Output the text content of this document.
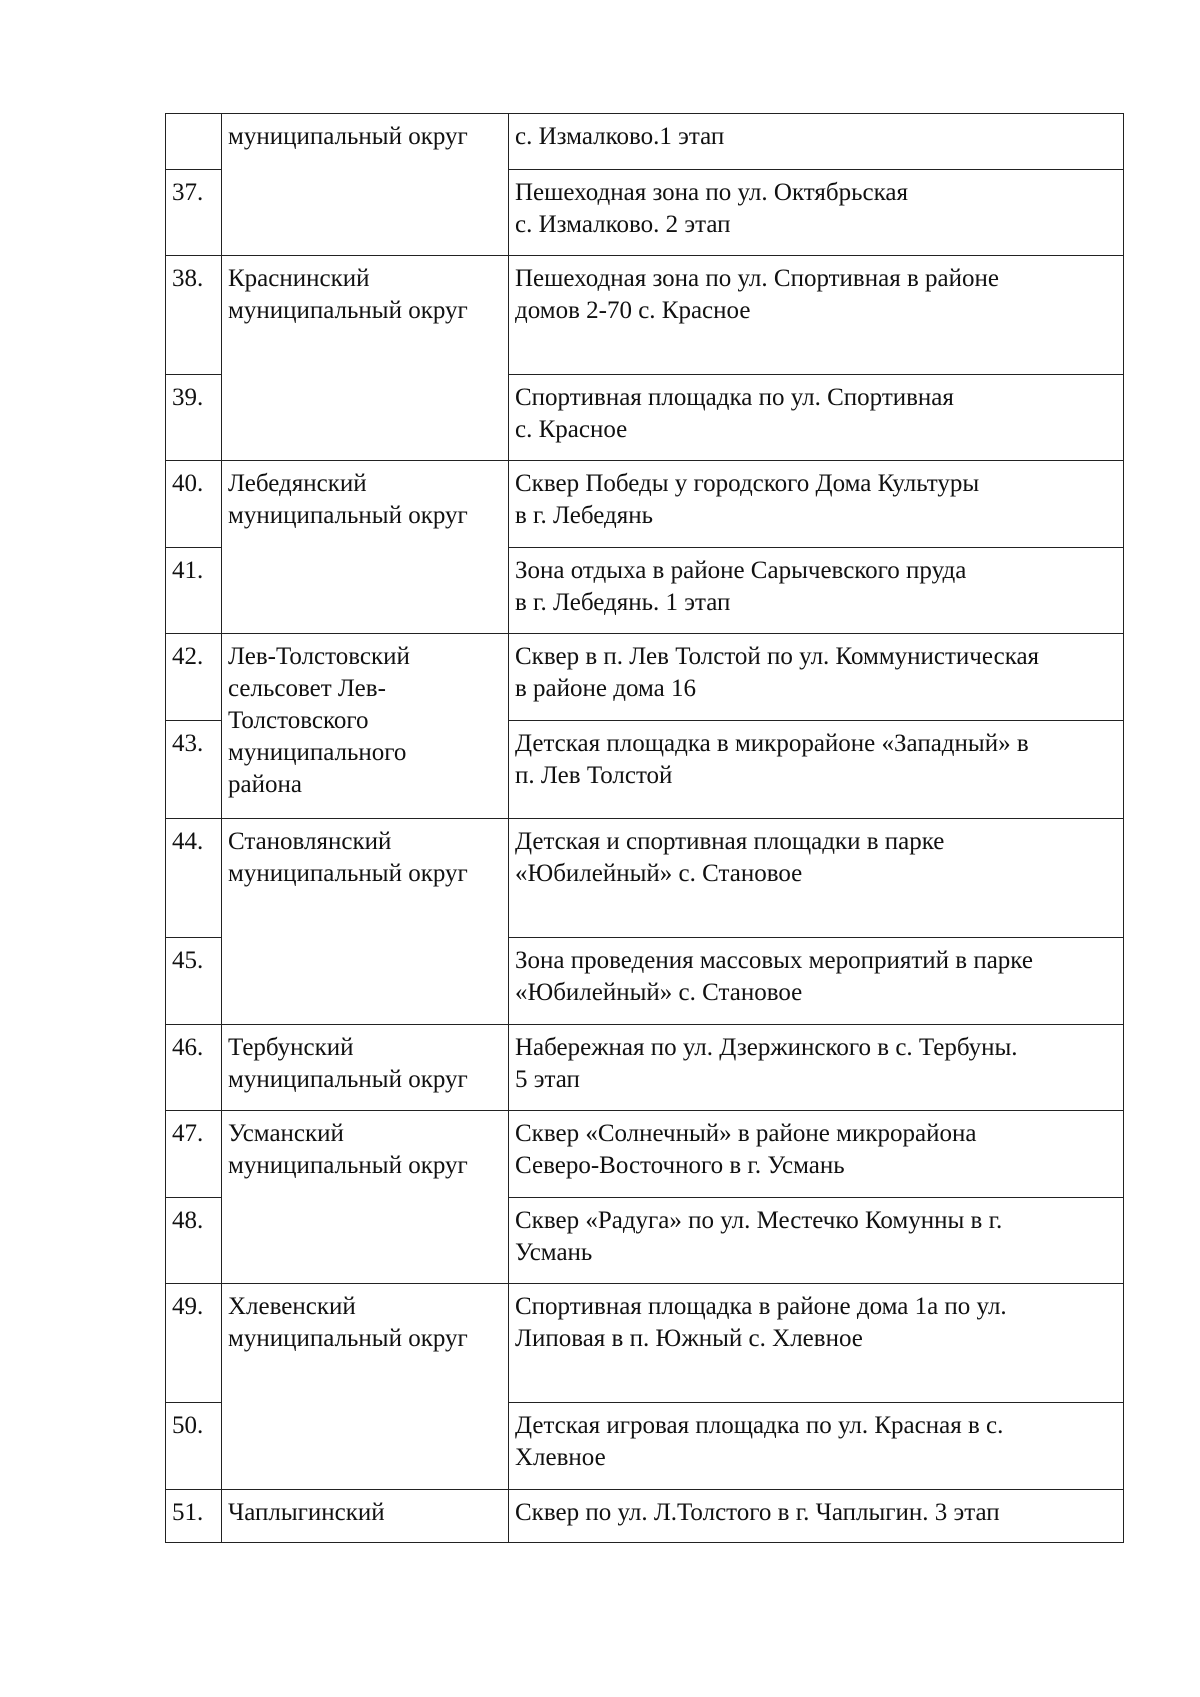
	муниципальный округ	с. Измалково.1 этап
37.		Пешеходная зона по ул. Октябрьская
с. Измалково. 2 этап
38.	Краснинский
муниципальный округ	Пешеходная зона по ул. Спортивная в районе
домов 2-70 с. Красное
39.		Спортивная площадка по ул. Спортивная
с. Красное
40.	Лебедянский
муниципальный округ	Сквер Победы у городского Дома Культуры
в г. Лебедянь
41.		Зона отдыха в районе Сарычевского пруда
в г. Лебедянь. 1 этап
42.	Лев-Толстовский
сельсовет Лев-
Толстовского
муниципального
района	Сквер в п. Лев Толстой по ул. Коммунистическая
в районе дома 16
43.		Детская площадка в микрорайоне «Западный» в
п. Лев Толстой
44.	Становлянский
муниципальный округ	Детская и спортивная площадки в парке
«Юбилейный» с. Становое
45.		Зона проведения массовых мероприятий в парке
«Юбилейный» с. Становое
46.	Тербунский
муниципальный округ	Набережная по ул. Дзержинского в с. Тербуны.
5 этап
47.	Усманский
муниципальный округ	Сквер «Солнечный» в районе микрорайона
Северо-Восточного в г. Усмань
48.		Сквер «Радуга» по ул. Местечко Комунны в г.
Усмань
49.	Хлевенский
муниципальный округ	Спортивная площадка в районе дома 1а по ул.
Липовая в п. Южный с. Хлевное
50.		Детская игровая площадка по ул. Красная в с.
Хлевное
51.	Чаплыгинский	Сквер по ул. Л.Толстого в г. Чаплыгин. 3 этап
